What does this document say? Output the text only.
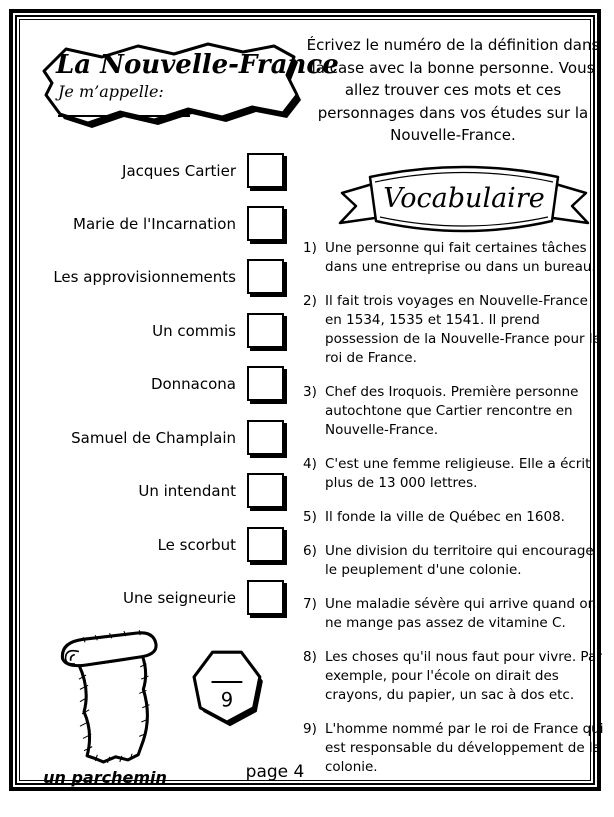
La Nouvelle-France
Je m’appelle:
Écrivez le numéro de la définition dans la case avec la bonne personne. Vous allez trouver ces mots et ces personnages dans vos études sur la Nouvelle-France.
Vocabulaire
Jacques Cartier
Marie de l'Incarnation
Les approvisionnements
Un commis
Donnacona
Samuel de Champlain
Un intendant
Le scorbut
Une seigneurie
1) Une personne qui fait certaines tâches dans une entreprise ou dans un bureau.
2) Il fait trois voyages en Nouvelle-France en 1534, 1535 et 1541. Il prend possession de la Nouvelle-France pour le roi de France.
3) Chef des Iroquois. Première personne autochtone que Cartier rencontre en Nouvelle-France.
4) C'est une femme religieuse. Elle a écrit plus de 13 000 lettres.
5) Il fonde la ville de Québec en 1608.
6) Une division du territoire qui encourage le peuplement d'une colonie.
7) Une maladie sévère qui arrive quand on ne mange pas assez de vitamine C.
8) Les choses qu'il nous faut pour vivre. Par exemple, pour l'école on dirait des crayons, du papier, un sac à dos etc.
9) L'homme nommé par le roi de France qui est responsable du développement de la colonie.
un parchemin
9
page 4
